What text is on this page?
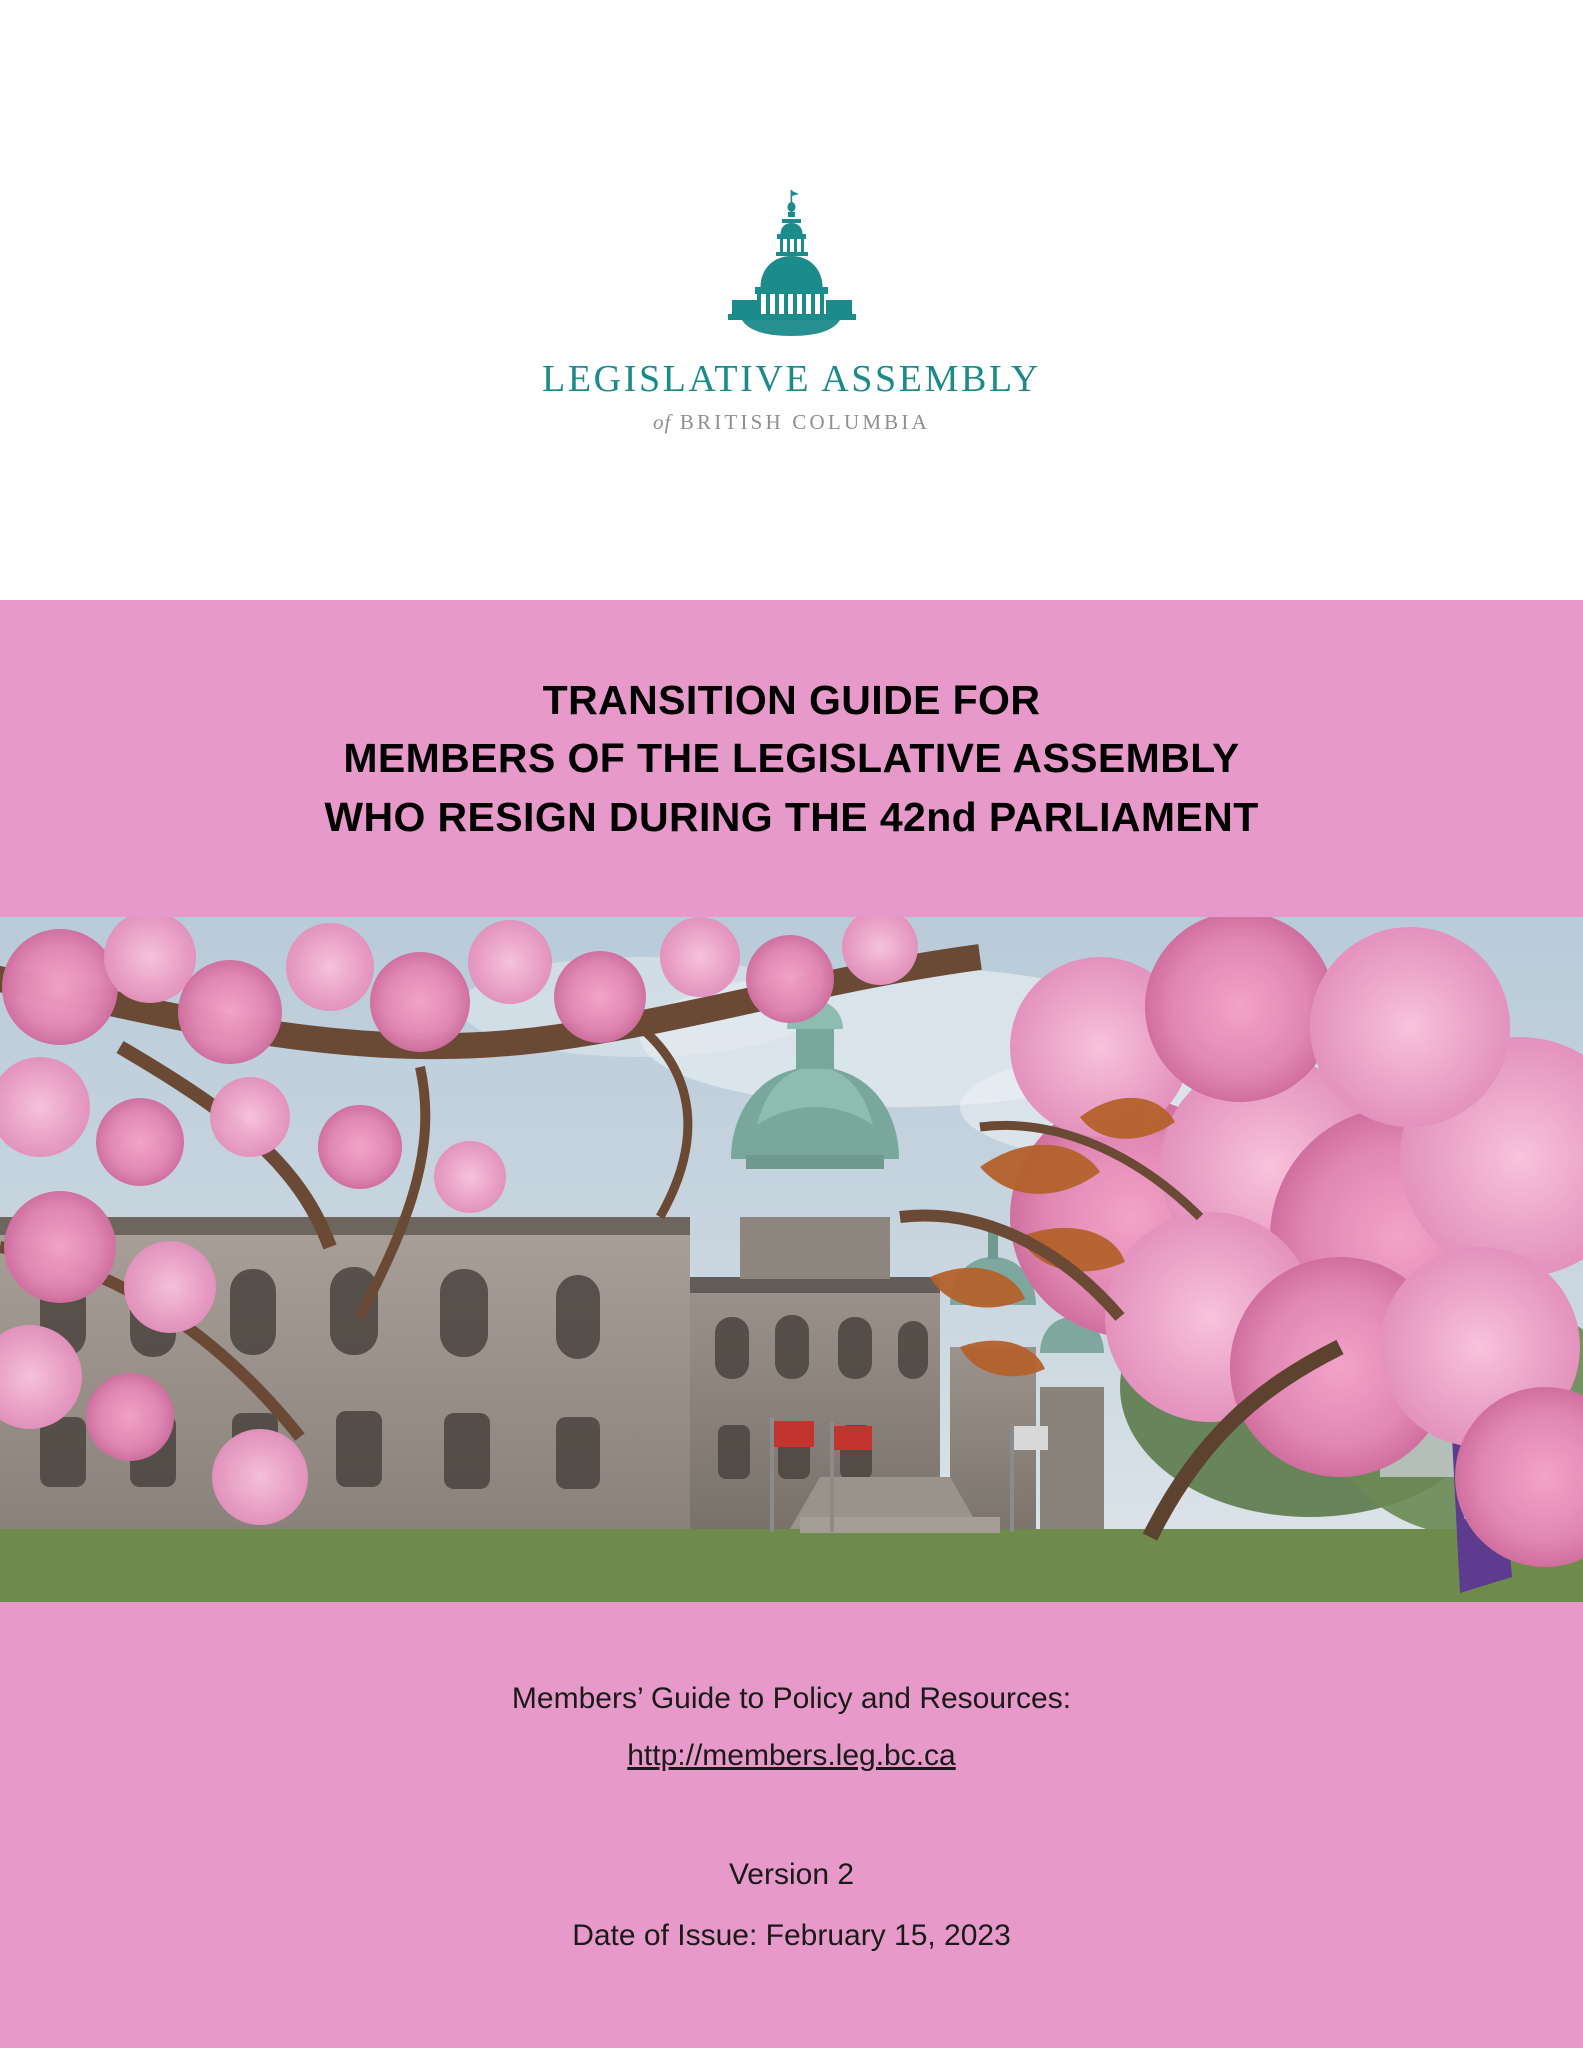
LEGISLATIVE ASSEMBLY
of BRITISH COLUMBIA
TRANSITION GUIDE FOR
MEMBERS OF THE LEGISLATIVE ASSEMBLY
WHO RESIGN DURING THE 42nd PARLIAMENT
Members’ Guide to Policy and Resources:
http://members.leg.bc.ca
Version 2
Date of Issue: February 15, 2023
